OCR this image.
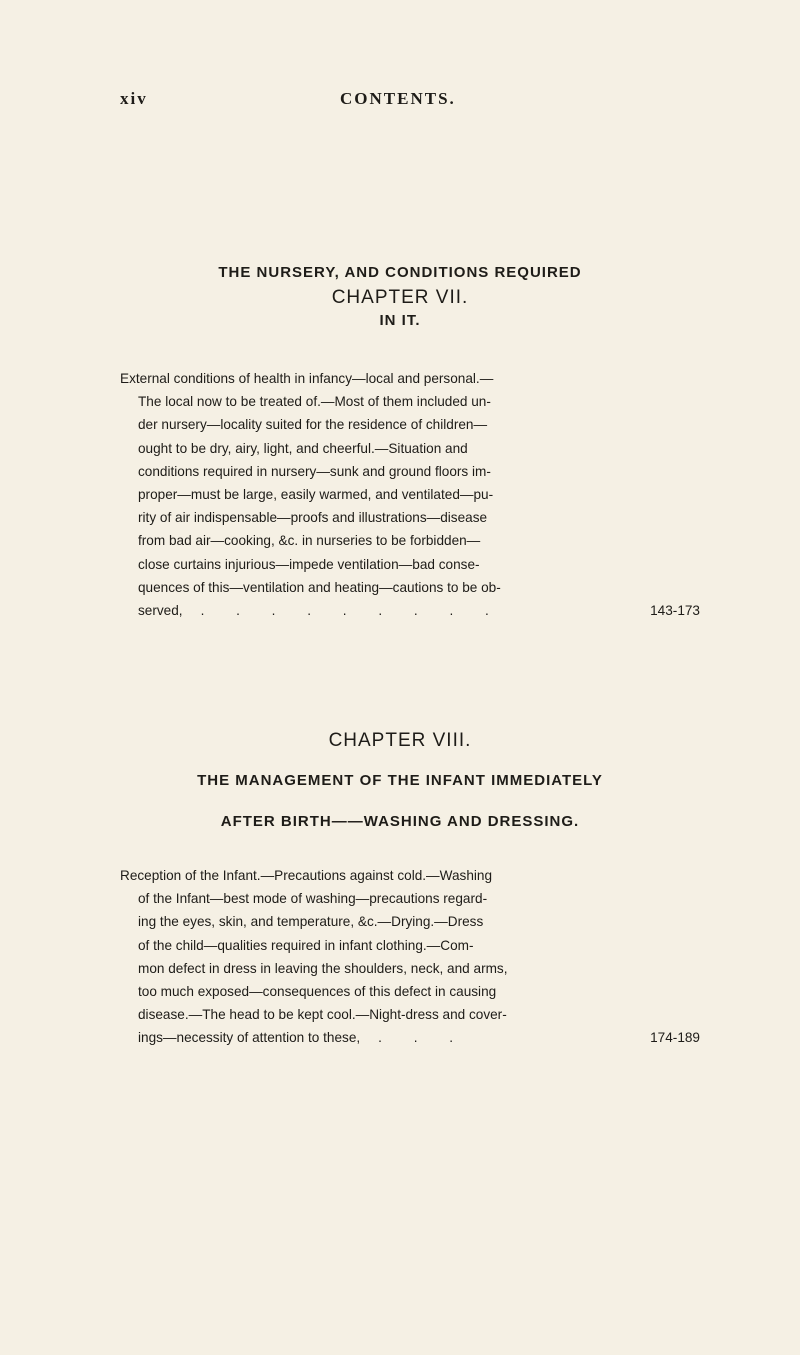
xiv	CONTENTS.
CHAPTER VII.
THE NURSERY, AND CONDITIONS REQUIRED
IN IT.
External conditions of health in infancy—local and personal.—
The local now to be treated of.—Most of them included un-
der nursery—locality suited for the residence of children—
ought to be dry, airy, light, and cheerful.—Situation and
conditions required in nursery—sunk and ground floors im-
proper—must be large, easily warmed, and ventilated—pu-
rity of air indispensable—proofs and illustrations—disease
from bad air—cooking, &c. in nurseries to be forbidden—
close curtains injurious—impede ventilation—bad conse-
quences of this—ventilation and heating—cautions to be ob-
served,	. . . . . . . . .	143-173
CHAPTER VIII.
THE MANAGEMENT OF THE INFANT IMMEDIATELY
AFTER BIRTH——WASHING AND DRESSING.
Reception of the Infant.—Precautions against cold.—Washing
of the Infant—best mode of washing—precautions regard-
ing the eyes, skin, and temperature, &c.—Drying.—Dress
of the child—qualities required in infant clothing.—Com-
mon defect in dress in leaving the shoulders, neck, and arms,
too much exposed—consequences of this defect in causing
disease.—The head to be kept cool.—Night-dress and cover-
ings—necessity of attention to these,	. . .	174-189
